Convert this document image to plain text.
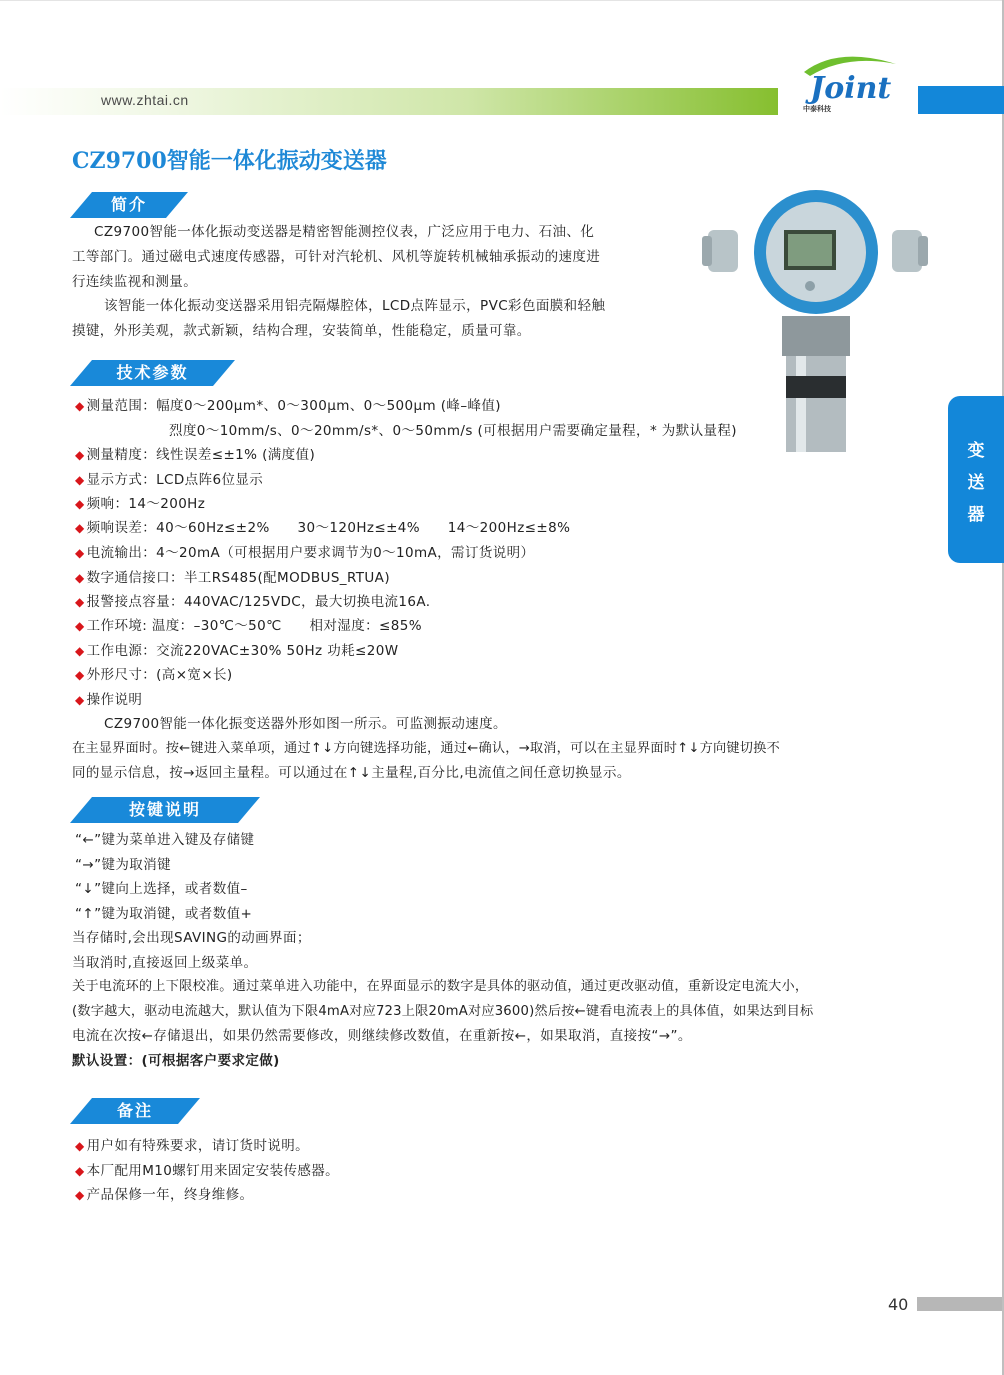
www.zhtai.cn	Joint
中泰科技
CZ9700智能一体化振动变送器
简介
CZ9700智能一体化振动变送器是精密智能测控仪表，广泛应用于电力、石油、化
工等部门。通过磁电式速度传感器，可针对汽轮机、风机等旋转机械轴承振动的速度进
行连续监视和测量。
该智能一体化振动变送器采用铝壳隔爆腔体，LCD点阵显示，PVC彩色面膜和轻触
摸键，外形美观，款式新颖，结构合理，安装简单，性能稳定，质量可靠。
技术参数
◆ 测量范围：幅度0～200μm*、0～300μm、0～500μm (峰–峰值)
烈度0～10mm/s、0～20mm/s*、0～50mm/s (可根据用户需要确定量程，* 为默认量程)
◆ 测量精度：线性误差≤±1% (满度值)
◆ 显示方式：LCD点阵6位显示
◆ 频响：14～200Hz
◆ 频响误差：40～60Hz≤±2%　　30～120Hz≤±4%　　14～200Hz≤±8%
◆ 电流输出：4～20mA（可根据用户要求调节为0～10mA，需订货说明）
◆ 数字通信接口：半工RS485(配MODBUS_RTUA)
◆ 报警接点容量：440VAC/125VDC，最大切换电流16A.
◆ 工作环境: 温度：–30℃～50℃　　相对湿度：≤85%
◆ 工作电源：交流220VAC±30% 50Hz 功耗≤20W
◆ 外形尺寸：(高×宽×长)
◆ 操作说明
CZ9700智能一体化振变送器外形如图一所示。可监测振动速度。
在主显界面时。按←键进入菜单项，通过↑↓方向键选择功能，通过←确认，→取消，可以在主显界面时↑↓方向键切换不
同的显示信息，按→返回主量程。可以通过在↑↓主量程,百分比,电流值之间任意切换显示。
按键说明
“←”键为菜单进入键及存储键
“→”键为取消键
“↓”键向上选择，或者数值–
“↑”键为取消键，或者数值+
当存储时,会出现SAVING的动画界面；
当取消时,直接返回上级菜单。
关于电流环的上下限校准。通过菜单进入功能中，在界面显示的数字是具体的驱动值，通过更改驱动值，重新设定电流大小，
(数字越大，驱动电流越大，默认值为下限4mA对应723上限20mA对应3600)然后按←键看电流表上的具体值，如果达到目标
电流在次按←存储退出，如果仍然需要修改，则继续修改数值，在重新按←，如果取消，直接按“→”。
默认设置：(可根据客户要求定做)
备注
◆ 用户如有特殊要求，请订货时说明。
◆ 本厂配用M10螺钉用来固定安装传感器。
◆ 产品保修一年，终身维修。
变
送
器
40
